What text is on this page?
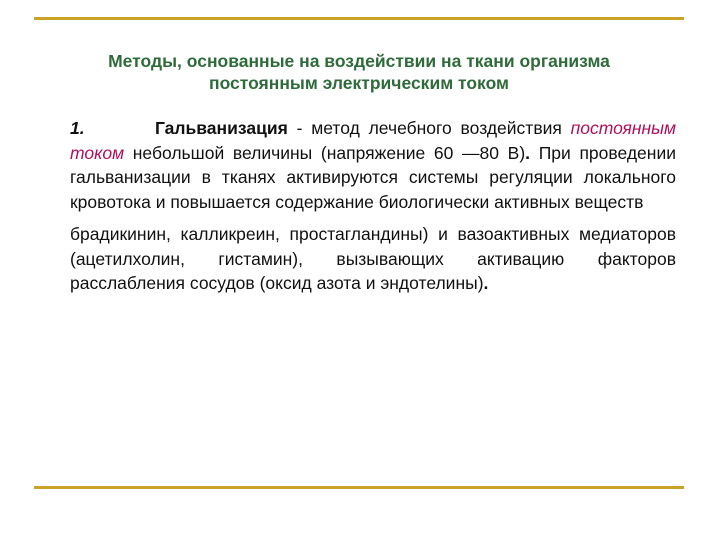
Методы, основанные на воздействии на ткани организма
постоянным электрическим током

1.	Гальванизация - метод лечебного воздействия постоянным током небольшой величины (напряжение 60 —80 В). При проведении гальванизации в тканях активируются системы регуляции локального кровотока и повышается содержание биологически активных веществ

брадикинин, калликреин, простагландины) и вазоактивных медиаторов (ацетилхолин, гистамин), вызывающих активацию факторов расслабления сосудов (оксид азота и эндотелины).
